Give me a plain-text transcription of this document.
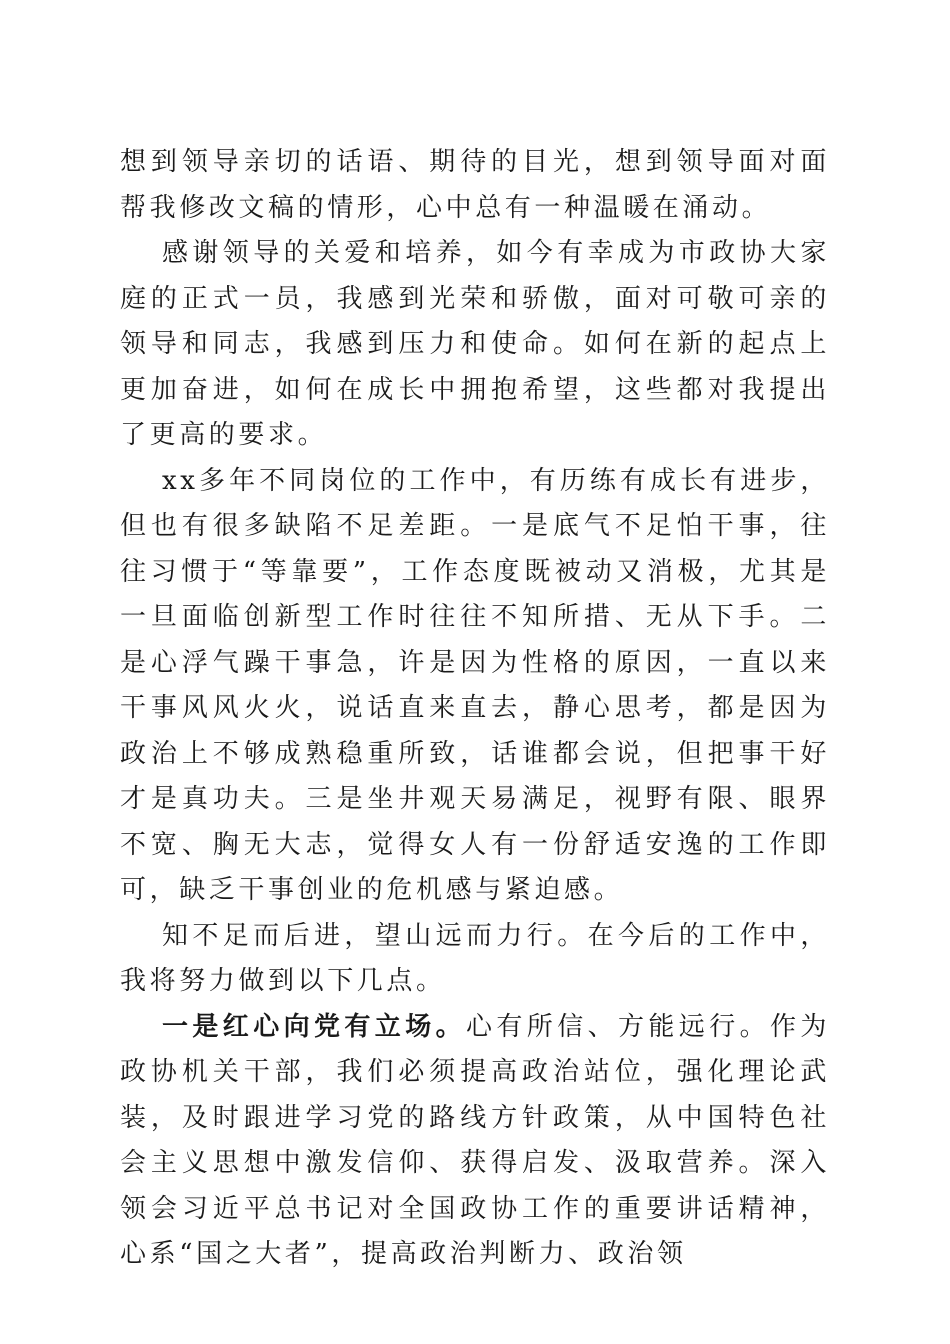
想到领导亲切的话语、期待的目光，想到领导面对面帮我修改文稿的情形，心中总有一种温暖在涌动。

感谢领导的关爱和培养，如今有幸成为市政协大家庭的正式一员，我感到光荣和骄傲，面对可敬可亲的领导和同志，我感到压力和使命。如何在新的起点上更加奋进，如何在成长中拥抱希望，这些都对我提出了更高的要求。

xx多年不同岗位的工作中，有历练有成长有进步，但也有很多缺陷不足差距。一是底气不足怕干事，往往习惯于“等靠要”，工作态度既被动又消极，尤其是一旦面临创新型工作时往往不知所措、无从下手。二是心浮气躁干事急，许是因为性格的原因，一直以来干事风风火火，说话直来直去，静心思考，都是因为政治上不够成熟稳重所致，话谁都会说，但把事干好才是真功夫。三是坐井观天易满足，视野有限、眼界不宽、胸无大志，觉得女人有一份舒适安逸的工作即可，缺乏干事创业的危机感与紧迫感。

知不足而后进，望山远而力行。在今后的工作中，我将努力做到以下几点。

一是红心向党有立场。心有所信、方能远行。作为政协机关干部，我们必须提高政治站位，强化理论武装，及时跟进学习党的路线方针政策，从中国特色社会主义思想中激发信仰、获得启发、汲取营养。深入领会习近平总书记对全国政协工作的重要讲话精神，心系“国之大者”，提高政治判断力、政治领
